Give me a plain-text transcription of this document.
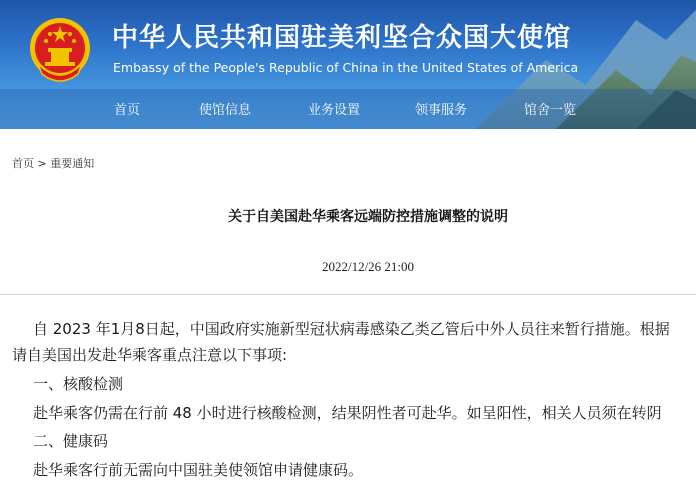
中华人民共和国驻美利坚合众国大使馆
Embassy of the People's Republic of China in the United States of America
首页	使馆信息	业务设置	领事服务	馆舍一览
首页 > 重要通知
关于自美国赴华乘客远端防控措施调整的说明
2022/12/26 21:00
自 2023 年1月8日起，中国政府实施新型冠状病毒感染乙类乙管后中外人员往来暂行措施。根据
请自美国出发赴华乘客重点注意以下事项:
一、核酸检测
赴华乘客仍需在行前 48 小时进行核酸检测，结果阴性者可赴华。如呈阳性，相关人员须在转阴
二、健康码
赴华乘客行前无需向中国驻美使领馆申请健康码。
